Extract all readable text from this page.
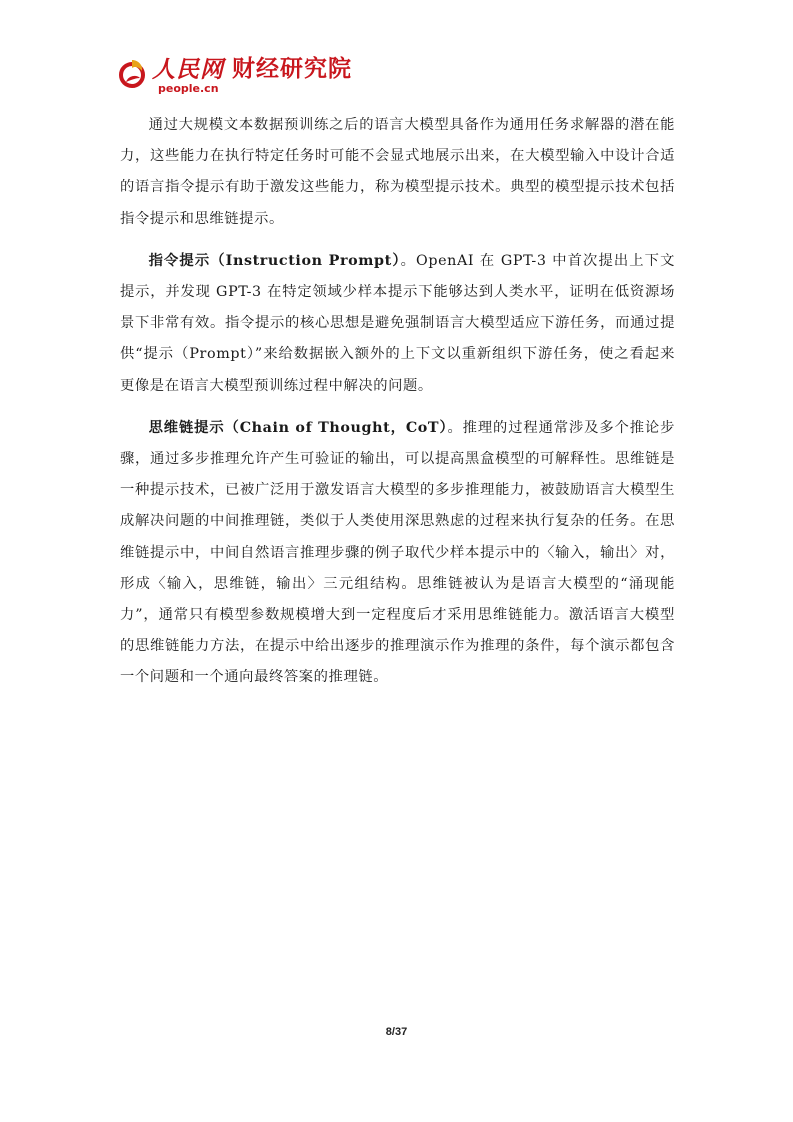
人民网
people.cn
财经研究院

通过大规模文本数据预训练之后的语言大模型具备作为通用任务求解器的潜在能力，这些能力在执行特定任务时可能不会显式地展示出来，在大模型输入中设计合适的语言指令提示有助于激发这些能力，称为模型提示技术。典型的模型提示技术包括指令提示和思维链提示。

指令提示（Instruction Prompt）。OpenAI 在 GPT-3 中首次提出上下文提示，并发现 GPT-3 在特定领域少样本提示下能够达到人类水平，证明在低资源场景下非常有效。指令提示的核心思想是避免强制语言大模型适应下游任务，而通过提供“提示（Prompt）”来给数据嵌入额外的上下文以重新组织下游任务，使之看起来更像是在语言大模型预训练过程中解决的问题。

思维链提示（Chain of Thought，CoT）。推理的过程通常涉及多个推论步骤，通过多步推理允许产生可验证的输出，可以提高黑盒模型的可解释性。思维链是一种提示技术，已被广泛用于激发语言大模型的多步推理能力，被鼓励语言大模型生成解决问题的中间推理链，类似于人类使用深思熟虑的过程来执行复杂的任务。在思维链提示中，中间自然语言推理步骤的例子取代少样本提示中的〈输入，输出〉对，形成〈输入，思维链，输出〉三元组结构。思维链被认为是语言大模型的“涌现能力”，通常只有模型参数规模增大到一定程度后才采用思维链能力。激活语言大模型的思维链能力方法，在提示中给出逐步的推理演示作为推理的条件，每个演示都包含一个问题和一个通向最终答案的推理链。

8/37
